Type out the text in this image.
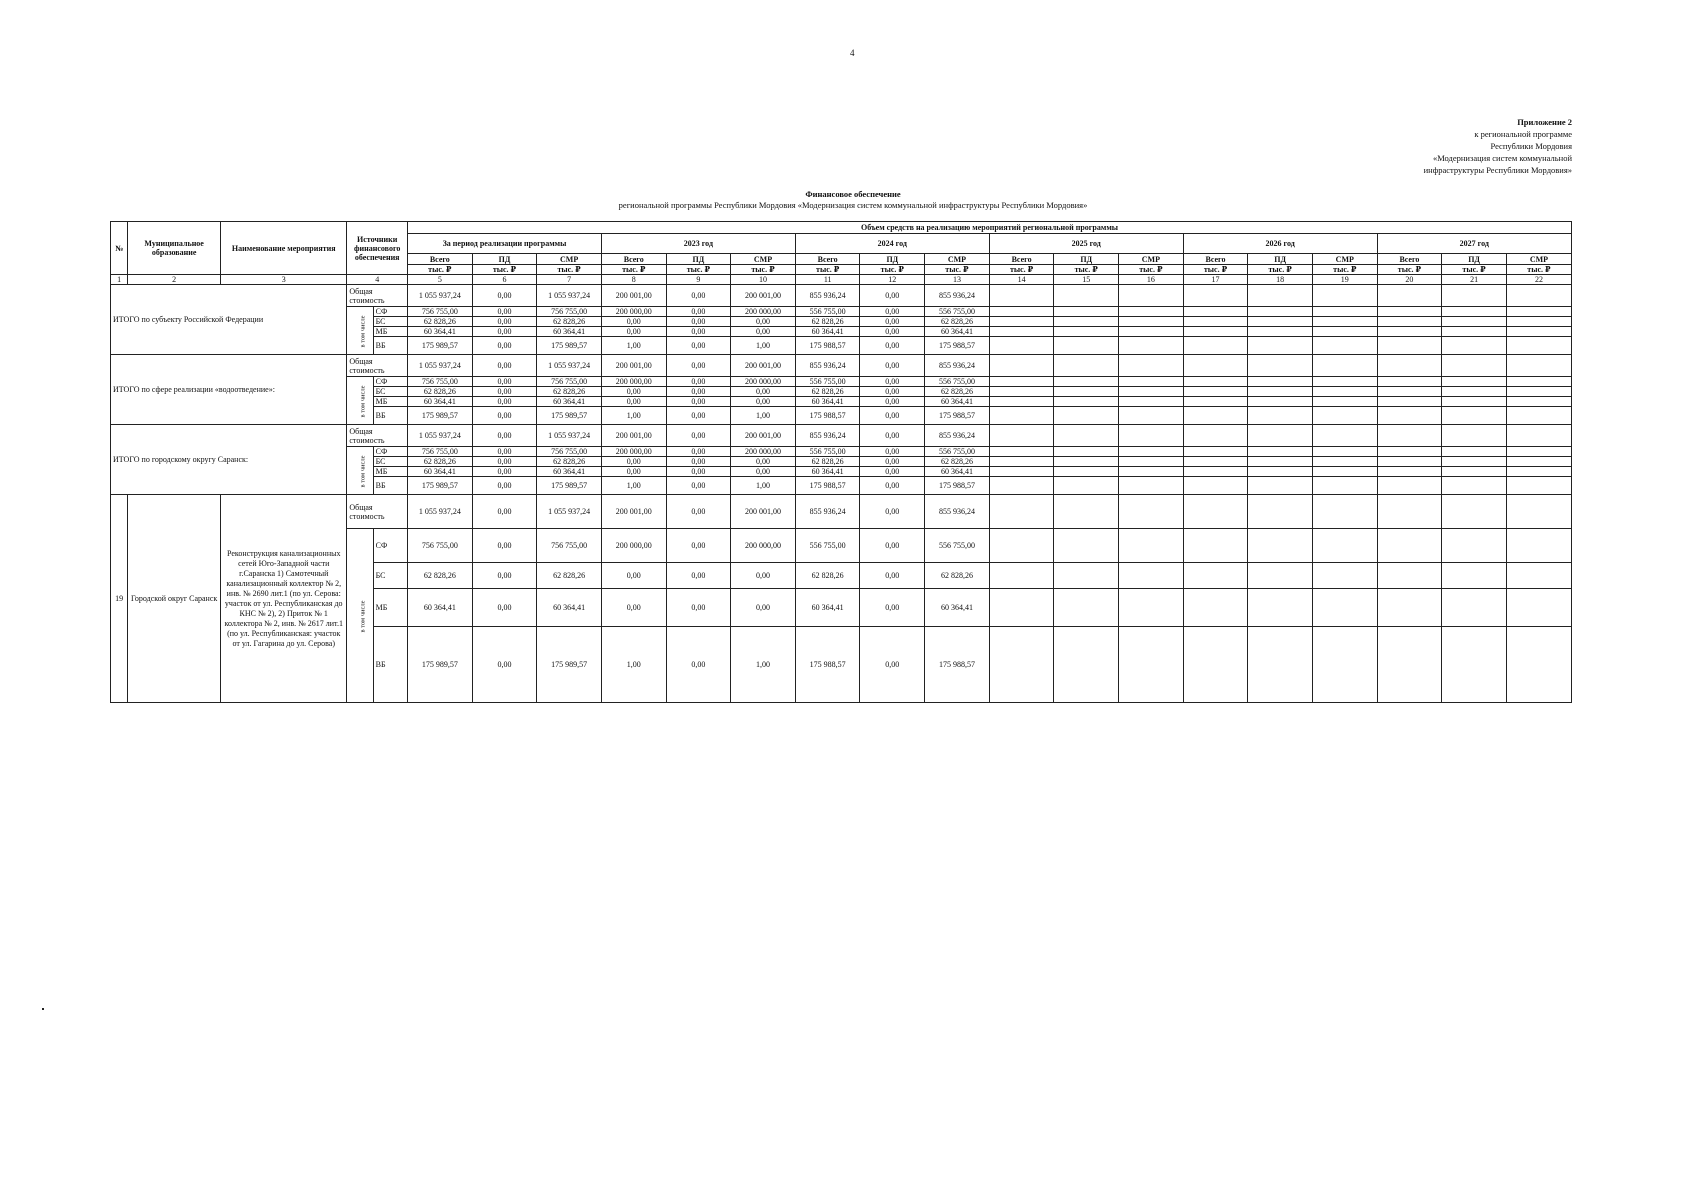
4
Приложение 2
к региональной программе
Республики Мордовия
«Модернизация систем коммунальной
инфраструктуры Республики Мордовия»
Финансовое обеспечение
региональной программы Республики Мордовия «Модернизация систем коммунальной инфраструктуры Республики Мордовия»
№	Муниципальное образование	Наименование мероприятия	Источники финансового обеспечения		Объем средств на реализацию мероприятий региональной программы																	
					За период реализации программы			2023 год			2024 год			2025 год			2026 год			2027 год		
					Всего	ПД	СМР	Всего	ПД	СМР	Всего	ПД	СМР	Всего	ПД	СМР	Всего	ПД	СМР	Всего	ПД	СМР
					тыс. ₽	тыс. ₽	тыс. ₽	тыс. ₽	тыс. ₽	тыс. ₽	тыс. ₽	тыс. ₽	тыс. ₽	тыс. ₽	тыс. ₽	тыс. ₽	тыс. ₽	тыс. ₽	тыс. ₽	тыс. ₽	тыс. ₽	тыс. ₽
1	2	3	4		5	6	7	8	9	10	11	12	13	14	15	16	17	18	19	20	21	22
ИТОГО по субъекту Российской Федерации			Общая стоимость		1 055 937,24	0,00	1 055 937,24	200 001,00	0,00	200 001,00	855 936,24	0,00	855 936,24									
			в том числе	СФ	756 755,00	0,00	756 755,00	200 000,00	0,00	200 000,00	556 755,00	0,00	556 755,00									
				БС	62 828,26	0,00	62 828,26	0,00	0,00	0,00	62 828,26	0,00	62 828,26									
				МБ	60 364,41	0,00	60 364,41	0,00	0,00	0,00	60 364,41	0,00	60 364,41									
				ВБ	175 989,57	0,00	175 989,57	1,00	0,00	1,00	175 988,57	0,00	175 988,57									
ИТОГО по сфере реализации «водоотведение»:			Общая стоимость		1 055 937,24	0,00	1 055 937,24	200 001,00	0,00	200 001,00	855 936,24	0,00	855 936,24									
			в том числе	СФ	756 755,00	0,00	756 755,00	200 000,00	0,00	200 000,00	556 755,00	0,00	556 755,00									
				БС	62 828,26	0,00	62 828,26	0,00	0,00	0,00	62 828,26	0,00	62 828,26									
				МБ	60 364,41	0,00	60 364,41	0,00	0,00	0,00	60 364,41	0,00	60 364,41									
				ВБ	175 989,57	0,00	175 989,57	1,00	0,00	1,00	175 988,57	0,00	175 988,57									
ИТОГО по городскому округу Саранск:			Общая стоимость		1 055 937,24	0,00	1 055 937,24	200 001,00	0,00	200 001,00	855 936,24	0,00	855 936,24									
			в том числе	СФ	756 755,00	0,00	756 755,00	200 000,00	0,00	200 000,00	556 755,00	0,00	556 755,00									
				БС	62 828,26	0,00	62 828,26	0,00	0,00	0,00	62 828,26	0,00	62 828,26									
				МБ	60 364,41	0,00	60 364,41	0,00	0,00	0,00	60 364,41	0,00	60 364,41									
				ВБ	175 989,57	0,00	175 989,57	1,00	0,00	1,00	175 988,57	0,00	175 988,57									
19	Городской округ Саранск	Реконструкция канализационных сетей Юго-Западной части г.Саранска 1) Самотечный канализационный коллектор № 2, инв. № 2690 лит.1 (по ул. Серова: участок от ул. Республиканская до КНС № 2), 2) Приток № 1 коллектора № 2, инв. № 2617 лит.1 (по ул. Республиканская: участок от ул. Гагарина до ул. Серова)	Общая стоимость		1 055 937,24	0,00	1 055 937,24	200 001,00	0,00	200 001,00	855 936,24	0,00	855 936,24									
			в том числе	СФ	756 755,00	0,00	756 755,00	200 000,00	0,00	200 000,00	556 755,00	0,00	556 755,00									
				БС	62 828,26	0,00	62 828,26	0,00	0,00	0,00	62 828,26	0,00	62 828,26									
				МБ	60 364,41	0,00	60 364,41	0,00	0,00	0,00	60 364,41	0,00	60 364,41									
				ВБ	175 989,57	0,00	175 989,57	1,00	0,00	1,00	175 988,57	0,00	175 988,57									
